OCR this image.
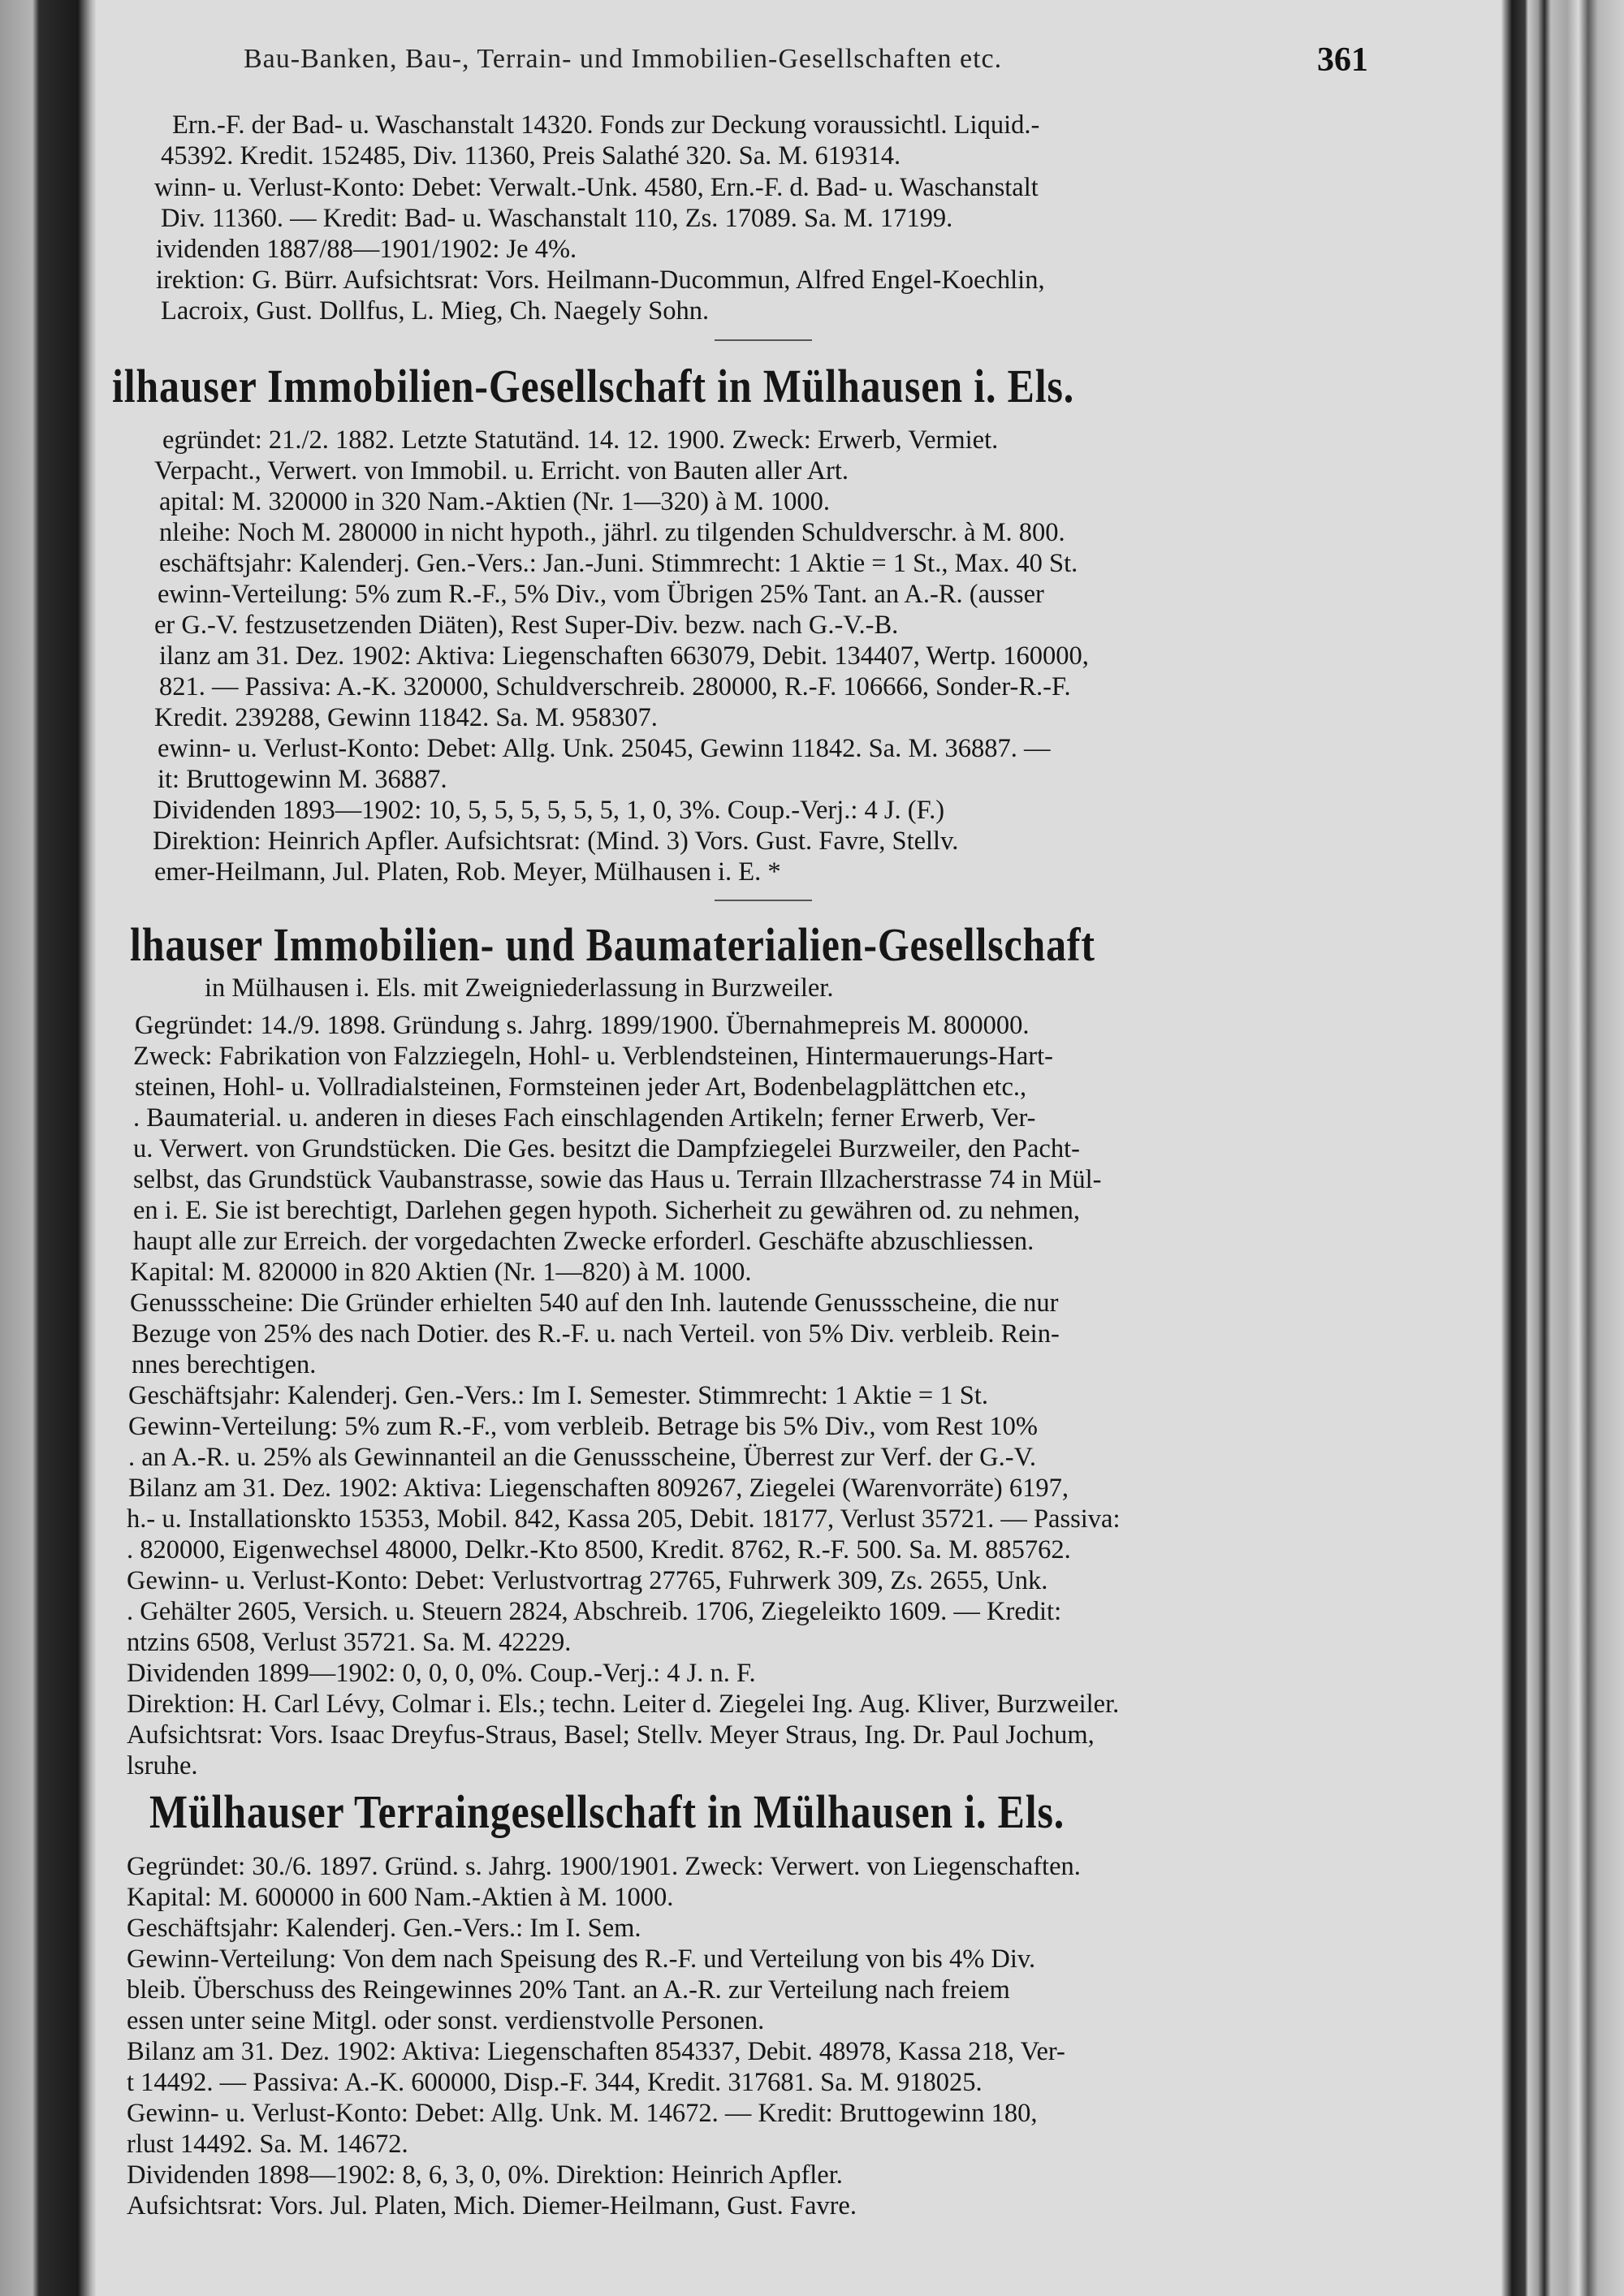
Bau-Banken, Bau-, Terrain- und Immobilien-Gesellschaften etc.	361
Ern.-F. der Bad- u. Waschanstalt 14320. Fonds zur Deckung voraussichtl. Liquid.-
45392. Kredit. 152485, Div. 11360, Preis Salathé 320. Sa. M. 619314.
winn- u. Verlust-Konto: Debet: Verwalt.-Unk. 4580, Ern.-F. d. Bad- u. Waschanstalt
Div. 11360. — Kredit: Bad- u. Waschanstalt 110, Zs. 17089. Sa. M. 17199.
ividenden 1887/88—1901/1902: Je 4%.
irektion: G. Bürr. Aufsichtsrat: Vors. Heilmann-Ducommun, Alfred Engel-Koechlin,
Lacroix, Gust. Dollfus, L. Mieg, Ch. Naegely Sohn.
ilhauser Immobilien-Gesellschaft in Mülhausen i. Els.
egründet: 21./2. 1882. Letzte Statutänd. 14. 12. 1900. Zweck: Erwerb, Vermiet.
Verpacht., Verwert. von Immobil. u. Erricht. von Bauten aller Art.
apital: M. 320000 in 320 Nam.-Aktien (Nr. 1—320) à M. 1000.
nleihe: Noch M. 280000 in nicht hypoth., jährl. zu tilgenden Schuldverschr. à M. 800.
eschäftsjahr: Kalenderj. Gen.-Vers.: Jan.-Juni. Stimmrecht: 1 Aktie = 1 St., Max. 40 St.
ewinn-Verteilung: 5% zum R.-F., 5% Div., vom Übrigen 25% Tant. an A.-R. (ausser
er G.-V. festzusetzenden Diäten), Rest Super-Div. bezw. nach G.-V.-B.
ilanz am 31. Dez. 1902: Aktiva: Liegenschaften 663079, Debit. 134407, Wertp. 160000,
821. — Passiva: A.-K. 320000, Schuldverschreib. 280000, R.-F. 106666, Sonder-R.-F.
Kredit. 239288, Gewinn 11842. Sa. M. 958307.
ewinn- u. Verlust-Konto: Debet: Allg. Unk. 25045, Gewinn 11842. Sa. M. 36887. —
it: Bruttogewinn M. 36887.
Dividenden 1893—1902: 10, 5, 5, 5, 5, 5, 5, 1, 0, 3%. Coup.-Verj.: 4 J. (F.)
Direktion: Heinrich Apfler. Aufsichtsrat: (Mind. 3) Vors. Gust. Favre, Stellv.
emer-Heilmann, Jul. Platen, Rob. Meyer, Mülhausen i. E. *
lhauser Immobilien- und Baumaterialien-Gesellschaft
in Mülhausen i. Els. mit Zweigniederlassung in Burzweiler.
Gegründet: 14./9. 1898. Gründung s. Jahrg. 1899/1900. Übernahmepreis M. 800000.
Zweck: Fabrikation von Falzziegeln, Hohl- u. Verblendsteinen, Hintermauerungs-Hart-
steinen, Hohl- u. Vollradialsteinen, Formsteinen jeder Art, Bodenbelagplättchen etc.,
. Baumaterial. u. anderen in dieses Fach einschlagenden Artikeln; ferner Erwerb, Ver-
u. Verwert. von Grundstücken. Die Ges. besitzt die Dampfziegelei Burzweiler, den Pacht-
selbst, das Grundstück Vaubanstrasse, sowie das Haus u. Terrain Illzacherstrasse 74 in Mül-
en i. E. Sie ist berechtigt, Darlehen gegen hypoth. Sicherheit zu gewähren od. zu nehmen,
haupt alle zur Erreich. der vorgedachten Zwecke erforderl. Geschäfte abzuschliessen.
Kapital: M. 820000 in 820 Aktien (Nr. 1—820) à M. 1000.
Genussscheine: Die Gründer erhielten 540 auf den Inh. lautende Genussscheine, die nur
Bezuge von 25% des nach Dotier. des R.-F. u. nach Verteil. von 5% Div. verbleib. Rein-
nnes berechtigen.
Geschäftsjahr: Kalenderj. Gen.-Vers.: Im I. Semester. Stimmrecht: 1 Aktie = 1 St.
Gewinn-Verteilung: 5% zum R.-F., vom verbleib. Betrage bis 5% Div., vom Rest 10%
. an A.-R. u. 25% als Gewinnanteil an die Genussscheine, Überrest zur Verf. der G.-V.
Bilanz am 31. Dez. 1902: Aktiva: Liegenschaften 809267, Ziegelei (Warenvorräte) 6197,
h.- u. Installationskto 15353, Mobil. 842, Kassa 205, Debit. 18177, Verlust 35721. — Passiva:
. 820000, Eigenwechsel 48000, Delkr.-Kto 8500, Kredit. 8762, R.-F. 500. Sa. M. 885762.
Gewinn- u. Verlust-Konto: Debet: Verlustvortrag 27765, Fuhrwerk 309, Zs. 2655, Unk.
. Gehälter 2605, Versich. u. Steuern 2824, Abschreib. 1706, Ziegeleikto 1609. — Kredit:
ntzins 6508, Verlust 35721. Sa. M. 42229.
Dividenden 1899—1902: 0, 0, 0, 0%. Coup.-Verj.: 4 J. n. F.
Direktion: H. Carl Lévy, Colmar i. Els.; techn. Leiter d. Ziegelei Ing. Aug. Kliver, Burzweiler.
Aufsichtsrat: Vors. Isaac Dreyfus-Straus, Basel; Stellv. Meyer Straus, Ing. Dr. Paul Jochum,
lsruhe.
Mülhauser Terraingesellschaft in Mülhausen i. Els.
Gegründet: 30./6. 1897. Gründ. s. Jahrg. 1900/1901. Zweck: Verwert. von Liegenschaften.
Kapital: M. 600000 in 600 Nam.-Aktien à M. 1000.
Geschäftsjahr: Kalenderj. Gen.-Vers.: Im I. Sem.
Gewinn-Verteilung: Von dem nach Speisung des R.-F. und Verteilung von bis 4% Div.
bleib. Überschuss des Reingewinnes 20% Tant. an A.-R. zur Verteilung nach freiem
essen unter seine Mitgl. oder sonst. verdienstvolle Personen.
Bilanz am 31. Dez. 1902: Aktiva: Liegenschaften 854337, Debit. 48978, Kassa 218, Ver-
t 14492. — Passiva: A.-K. 600000, Disp.-F. 344, Kredit. 317681. Sa. M. 918025.
Gewinn- u. Verlust-Konto: Debet: Allg. Unk. M. 14672. — Kredit: Bruttogewinn 180,
rlust 14492. Sa. M. 14672.
Dividenden 1898—1902: 8, 6, 3, 0, 0%. Direktion: Heinrich Apfler.
Aufsichtsrat: Vors. Jul. Platen, Mich. Diemer-Heilmann, Gust. Favre.
